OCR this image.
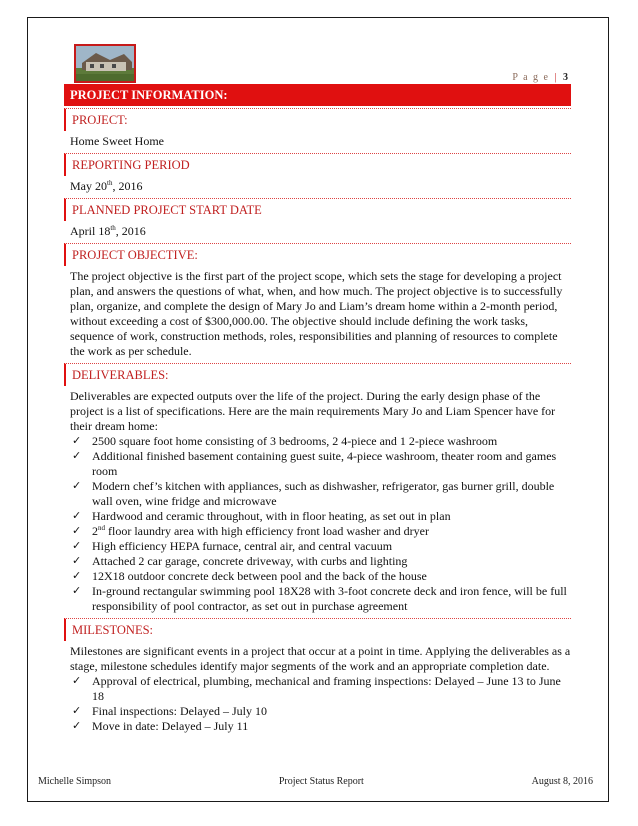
P a g e | 3
PROJECT INFORMATION:
PROJECT:

Home Sweet Home

REPORTING PERIOD

May 20th, 2016

PLANNED PROJECT START DATE

April 18th, 2016

PROJECT OBJECTIVE:

The project objective is the first part of the project scope, which sets the stage for developing a project plan, and answers the questions of what, when, and how much. The project objective is to successfully plan, organize, and complete the design of Mary Jo and Liam’s dream home within a 2-month period, without exceeding a cost of $300,000.00. The objective should include defining the work tasks, sequence of work, construction methods, roles, responsibilities and planning of resources to complete the work as per schedule.

DELIVERABLES:

Deliverables are expected outputs over the life of the project. During the early design phase of the project is a list of specifications. Here are the main requirements Mary Jo and Liam Spencer have for their dream home:

✓ 2500 square foot home consisting of 3 bedrooms, 2 4-piece and 1 2-piece washroom
✓ Additional finished basement containing guest suite, 4-piece washroom, theater room and games room
✓ Modern chef’s kitchen with appliances, such as dishwasher, refrigerator, gas burner grill, double wall oven, wine fridge and microwave
✓ Hardwood and ceramic throughout, with in floor heating, as set out in plan
✓ 2nd floor laundry area with high efficiency front load washer and dryer
✓ High efficiency HEPA furnace, central air, and central vacuum
✓ Attached 2 car garage, concrete driveway, with curbs and lighting
✓ 12X18 outdoor concrete deck between pool and the back of the house
✓ In-ground rectangular swimming pool 18X28 with 3-foot concrete deck and iron fence, will be full responsibility of pool contractor, as set out in purchase agreement
MILESTONES:

Milestones are significant events in a project that occur at a point in time. Applying the deliverables as a stage, milestone schedules identify major segments of the work and an appropriate completion date.

✓ Approval of electrical, plumbing, mechanical and framing inspections: Delayed – June 13 to June 18
✓ Final inspections: Delayed – July 10
✓ Move in date: Delayed – July 11
Michelle Simpson	Project Status Report	August 8, 2016
